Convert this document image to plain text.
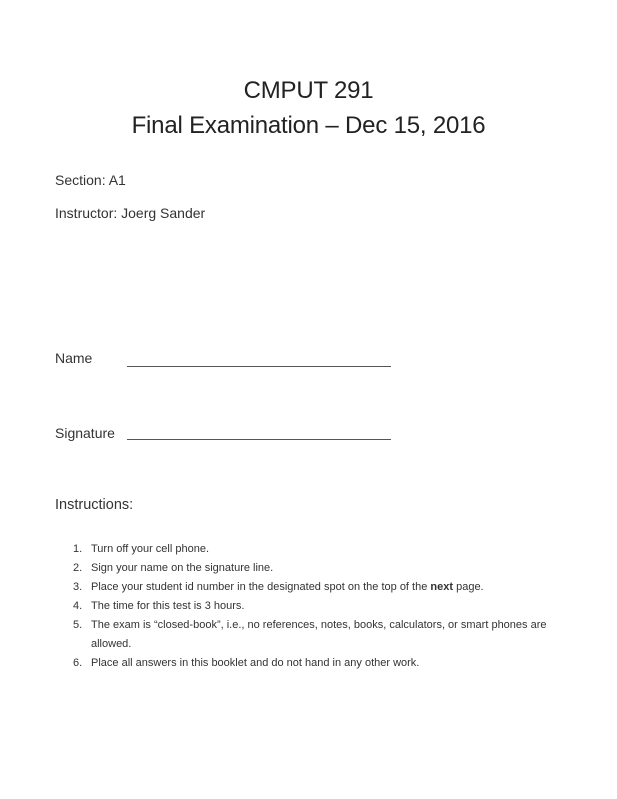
CMPUT 291
Final Examination – Dec 15, 2016
Section: A1
Instructor: Joerg Sander
Name
Signature
Instructions:
1. Turn off your cell phone.
2. Sign your name on the signature line.
3. Place your student id number in the designated spot on the top of the next page.
4. The time for this test is 3 hours.
5. The exam is “closed-book”, i.e., no references, notes, books, calculators, or smart phones are allowed.
6. Place all answers in this booklet and do not hand in any other work.
